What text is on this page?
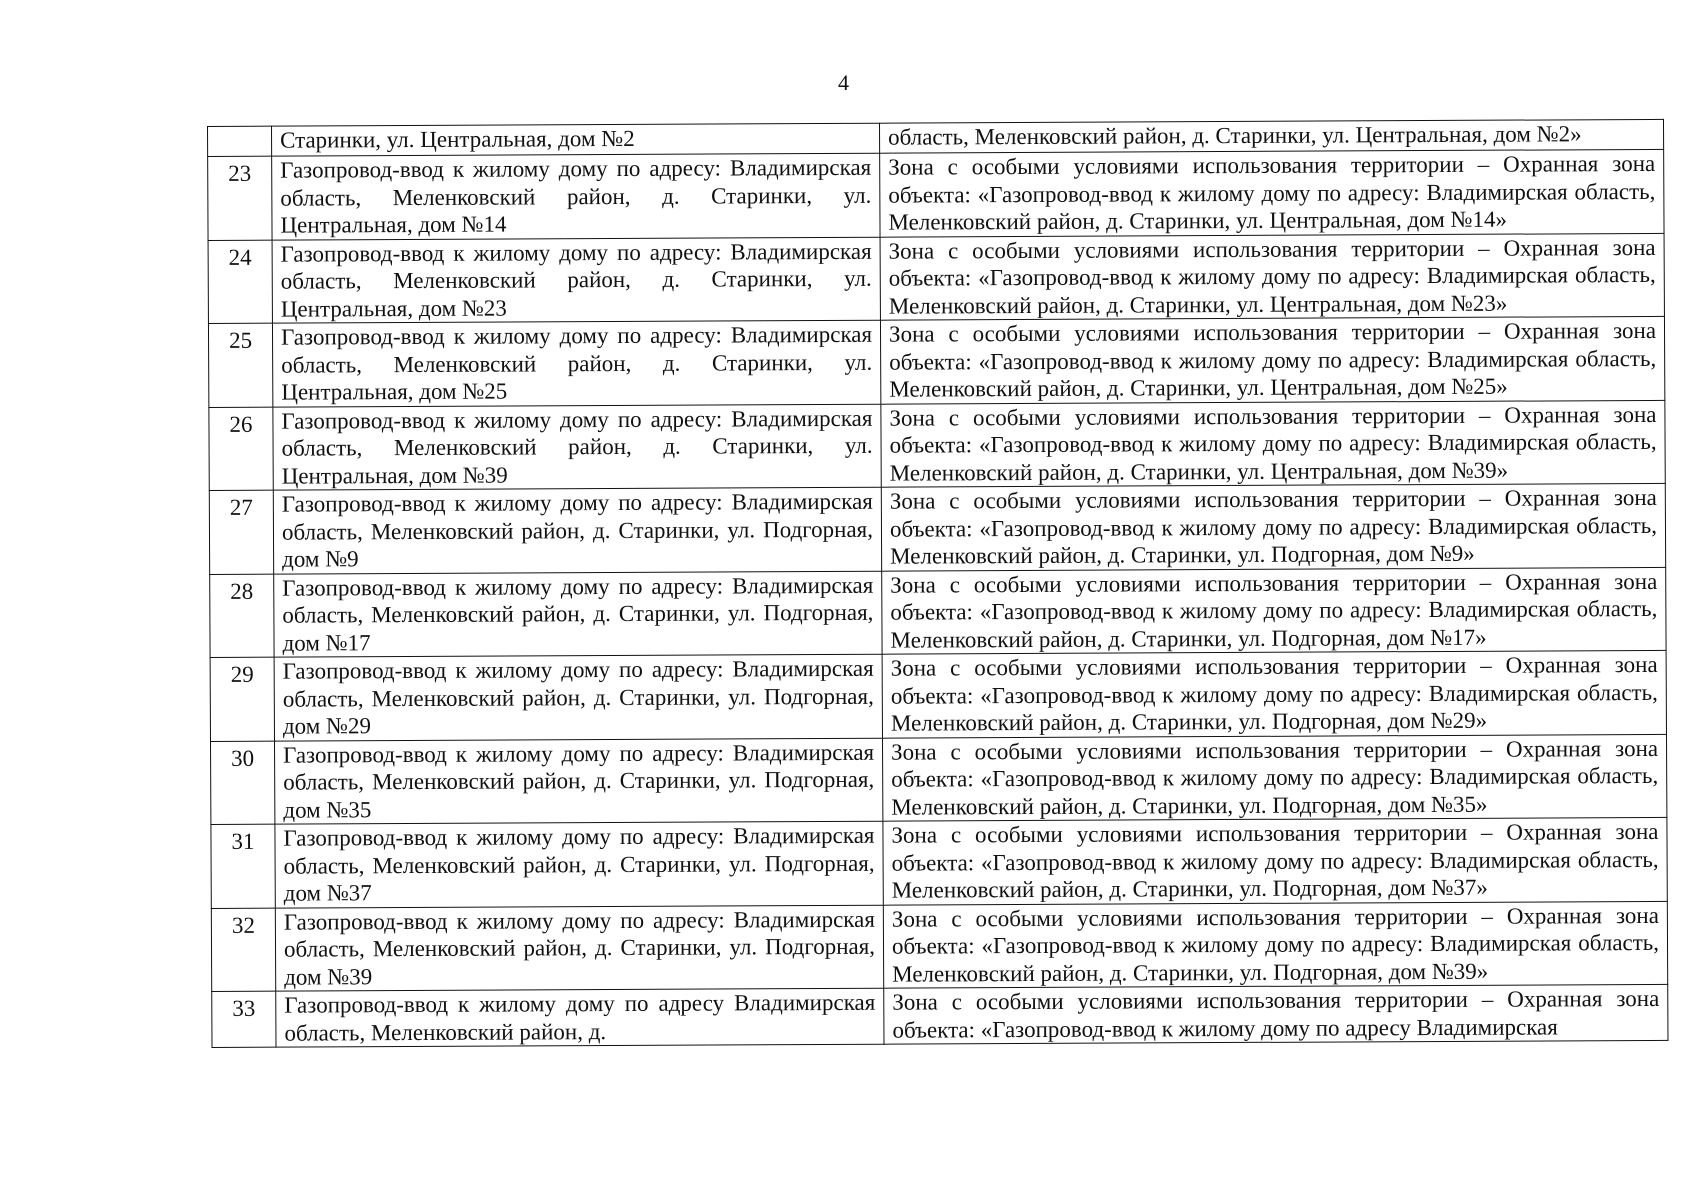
4
	Старинки, ул. Центральная, дом №2	область, Меленковский район, д. Старинки, ул. Центральная, дом №2»
23	Газопровод-ввод к жилому дому по адресу: Владимирская область, Меленковский район, д. Старинки, ул. Центральная, дом №14	Зона с особыми условиями использования территории – Охранная зона объекта: «Газопровод-ввод к жилому дому по адресу: Владимирская область, Меленковский район, д. Старинки, ул. Центральная, дом №14»
24	Газопровод-ввод к жилому дому по адресу: Владимирская область, Меленковский район, д. Старинки, ул. Центральная, дом №23	Зона с особыми условиями использования территории – Охранная зона объекта: «Газопровод-ввод к жилому дому по адресу: Владимирская область, Меленковский район, д. Старинки, ул. Центральная, дом №23»
25	Газопровод-ввод к жилому дому по адресу: Владимирская область, Меленковский район, д. Старинки, ул. Центральная, дом №25	Зона с особыми условиями использования территории – Охранная зона объекта: «Газопровод-ввод к жилому дому по адресу: Владимирская область, Меленковский район, д. Старинки, ул. Центральная, дом №25»
26	Газопровод-ввод к жилому дому по адресу: Владимирская область, Меленковский район, д. Старинки, ул. Центральная, дом №39	Зона с особыми условиями использования территории – Охранная зона объекта: «Газопровод-ввод к жилому дому по адресу: Владимирская область, Меленковский район, д. Старинки, ул. Центральная, дом №39»
27	Газопровод-ввод к жилому дому по адресу: Владимирская область, Меленковский район, д. Старинки, ул. Подгорная, дом №9	Зона с особыми условиями использования территории – Охранная зона объекта: «Газопровод-ввод к жилому дому по адресу: Владимирская область, Меленковский район, д. Старинки, ул. Подгорная, дом №9»
28	Газопровод-ввод к жилому дому по адресу: Владимирская область, Меленковский район, д. Старинки, ул. Подгорная, дом №17	Зона с особыми условиями использования территории – Охранная зона объекта: «Газопровод-ввод к жилому дому по адресу: Владимирская область, Меленковский район, д. Старинки, ул. Подгорная, дом №17»
29	Газопровод-ввод к жилому дому по адресу: Владимирская область, Меленковский район, д. Старинки, ул. Подгорная, дом №29	Зона с особыми условиями использования территории – Охранная зона объекта: «Газопровод-ввод к жилому дому по адресу: Владимирская область, Меленковский район, д. Старинки, ул. Подгорная, дом №29»
30	Газопровод-ввод к жилому дому по адресу: Владимирская область, Меленковский район, д. Старинки, ул. Подгорная, дом №35	Зона с особыми условиями использования территории – Охранная зона объекта: «Газопровод-ввод к жилому дому по адресу: Владимирская область, Меленковский район, д. Старинки, ул. Подгорная, дом №35»
31	Газопровод-ввод к жилому дому по адресу: Владимирская область, Меленковский район, д. Старинки, ул. Подгорная, дом №37	Зона с особыми условиями использования территории – Охранная зона объекта: «Газопровод-ввод к жилому дому по адресу: Владимирская область, Меленковский район, д. Старинки, ул. Подгорная, дом №37»
32	Газопровод-ввод к жилому дому по адресу: Владимирская область, Меленковский район, д. Старинки, ул. Подгорная, дом №39	Зона с особыми условиями использования территории – Охранная зона объекта: «Газопровод-ввод к жилому дому по адресу: Владимирская область, Меленковский район, д. Старинки, ул. Подгорная, дом №39»
33	Газопровод-ввод к жилому дому по адресу Владимирская область, Меленковский район, д.	Зона с особыми условиями использования территории – Охранная зона объекта: «Газопровод-ввод к жилому дому по адресу Владимирская
